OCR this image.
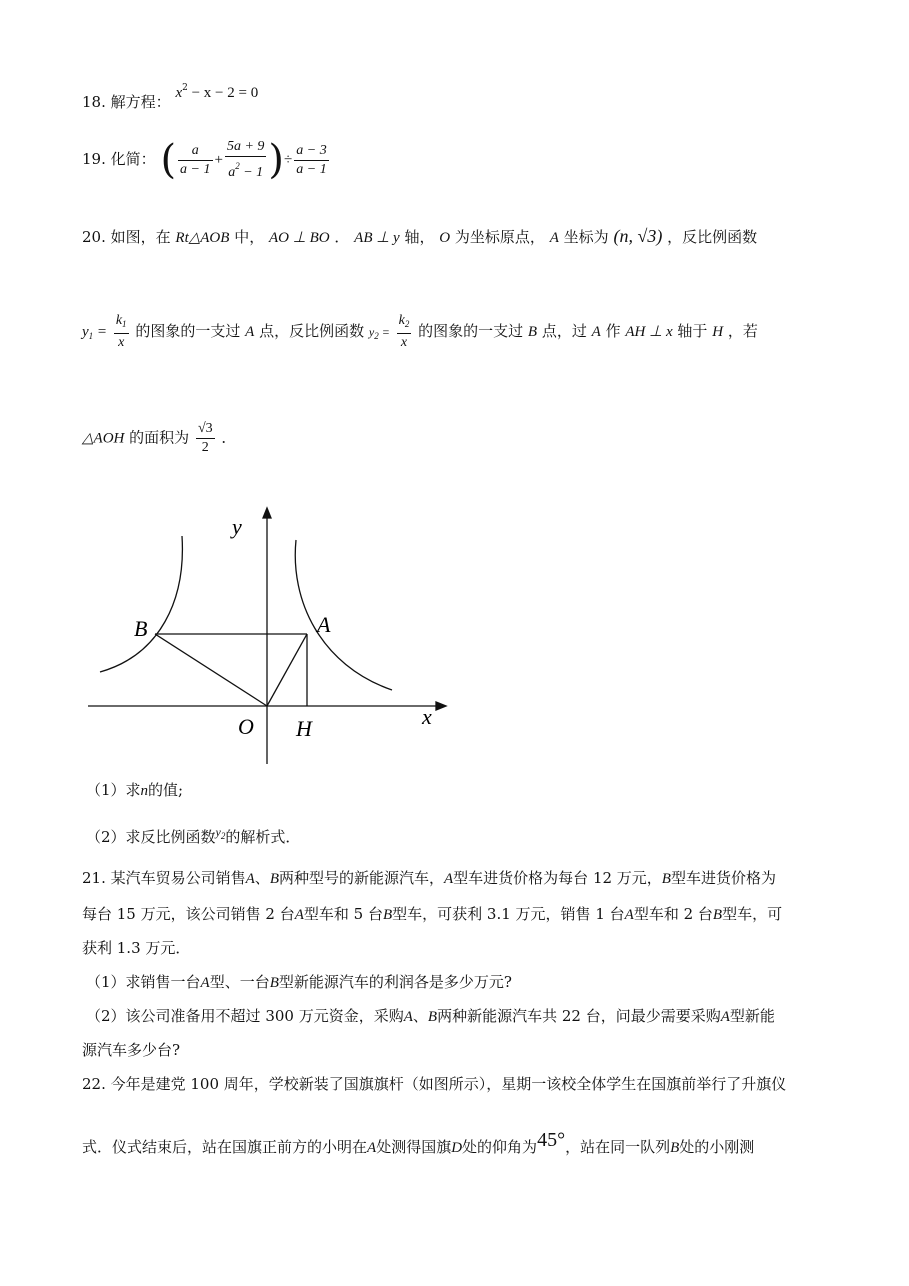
18. 解方程： $x^2 - x - 2 = 0$
19. 化简： ( $\frac{a}{a - 1} + \frac{5a + 9}{a^2 - 1}$ )÷ $\frac{a - 3}{a - 1}$
20. 如图，在 Rt△AOB 中， AO ⊥ BO ． AB ⊥ y 轴， O 为坐标原点， A 坐标为 (n, √3) ，反比例函数
$y_1 = \frac{k_1}{x}$ 的图象的一支过 A 点，反比例函数 $y_2 = \frac{k_2}{x}$ 的图象的一支过 B 点，过 A 作 AH ⊥ x 轴于 H ，若
△AOH 的面积为 $\frac{√3}{2}$ ．
y
x
B	A
O H
（1）求n的值;
（2）求反比例函数$^{y_2}$的解析式．
21. 某汽车贸易公司销售A、B两种型号的新能源汽车，A型车进货价格为每台 12 万元，B型车进货价格为
每台 15 万元，该公司销售 2 台A型车和 5 台B型车，可获利 3.1 万元，销售 1 台A型车和 2 台B型车，可
获利 1.3 万元．
（1）求销售一台A型、一台B型新能源汽车的利润各是多少万元?
（2）该公司准备用不超过 300 万元资金，采购A、B两种新能源汽车共 22 台，问最少需要采购A型新能
源汽车多少台?
22. 今年是建党 100 周年，学校新装了国旗旗杆（如图所示），星期一该校全体学生在国旗前举行了升旗仪
式．仪式结束后，站在国旗正前方的小明在A处测得国旗D处的仰角为45°，站在同一队列B处的小刚测
